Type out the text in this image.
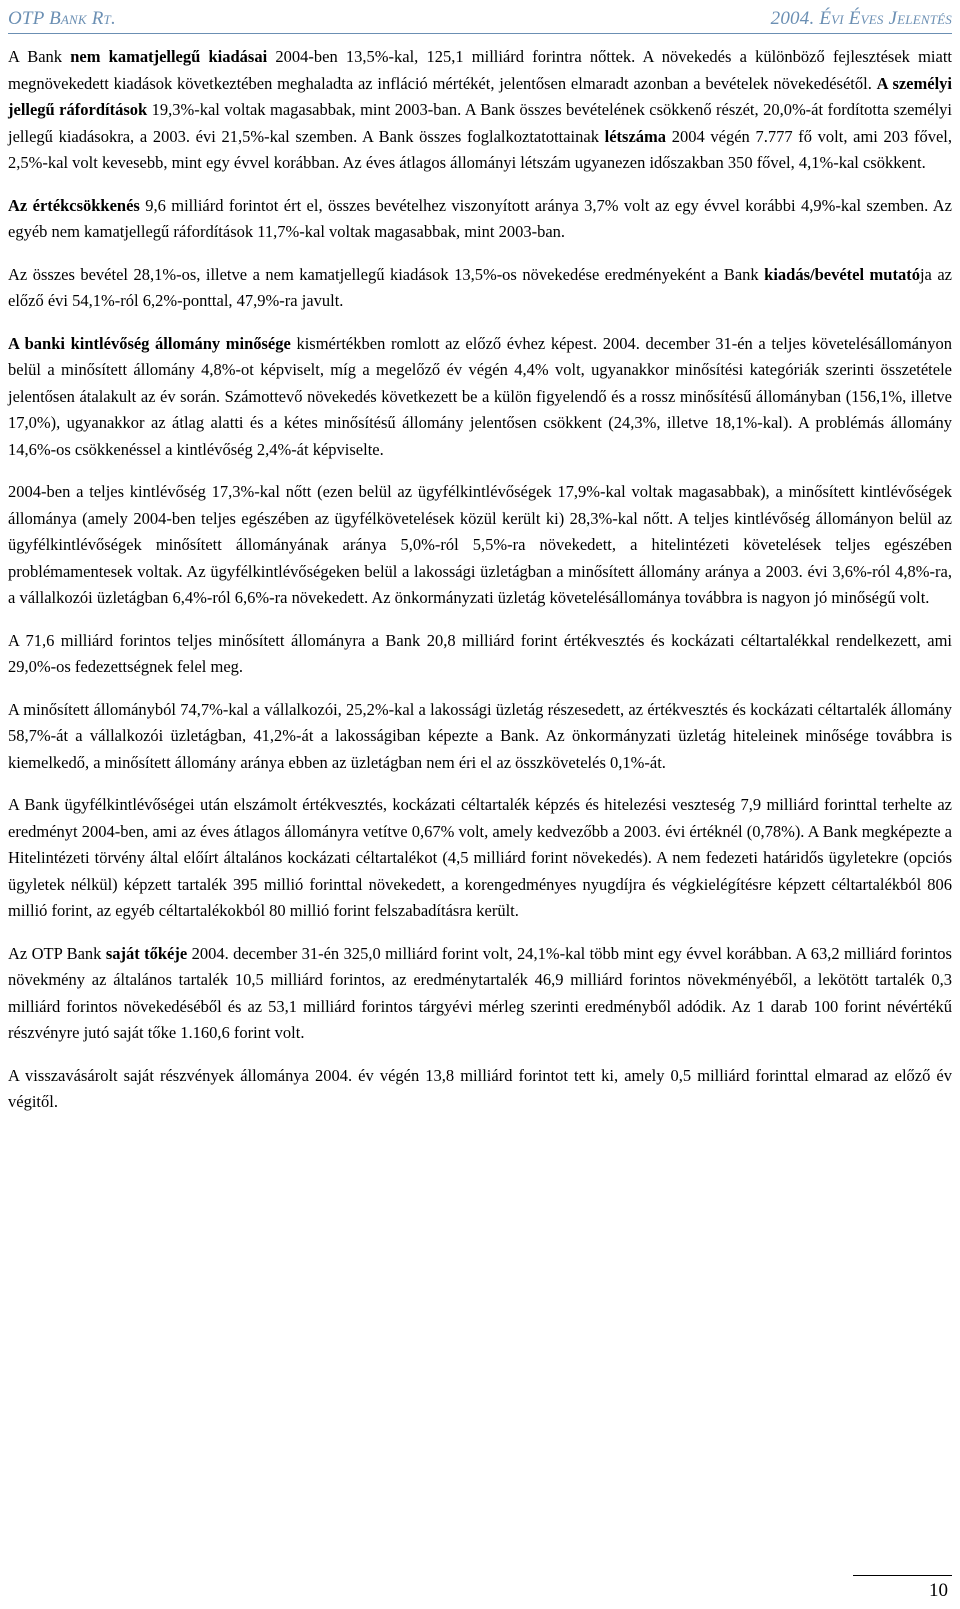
OTP Bank Rt.	2004. Évi Éves Jelentés

A Bank nem kamatjellegű kiadásai 2004-ben 13,5%-kal, 125,1 milliárd forintra nőttek. A növekedés a különböző fejlesztések miatt megnövekedett kiadások következtében meghaladta az infláció mértékét, jelentősen elmaradt azonban a bevételek növekedésétől. A személyi jellegű ráfordítások 19,3%-kal voltak magasabbak, mint 2003-ban. A Bank összes bevételének csökkenő részét, 20,0%-át fordította személyi jellegű kiadásokra, a 2003. évi 21,5%-kal szemben. A Bank összes foglalkoztatottainak létszáma 2004 végén 7.777 fő volt, ami 203 fővel, 2,5%-kal volt kevesebb, mint egy évvel korábban. Az éves átlagos állományi létszám ugyanezen időszakban 350 fővel, 4,1%-kal csökkent.

Az értékcsökkenés 9,6 milliárd forintot ért el, összes bevételhez viszonyított aránya 3,7% volt az egy évvel korábbi 4,9%-kal szemben. Az egyéb nem kamatjellegű ráfordítások 11,7%-kal voltak magasabbak, mint 2003-ban.

Az összes bevétel 28,1%-os, illetve a nem kamatjellegű kiadások 13,5%-os növekedése eredményeként a Bank kiadás/bevétel mutatója az előző évi 54,1%-ról 6,2%-ponttal, 47,9%-ra javult.

A banki kintlévőség állomány minősége kismértékben romlott az előző évhez képest. 2004. december 31-én a teljes követelésállományon belül a minősített állomány 4,8%-ot képviselt, míg a megelőző év végén 4,4% volt, ugyanakkor minősítési kategóriák szerinti összetétele jelentősen átalakult az év során. Számottevő növekedés következett be a külön figyelendő és a rossz minősítésű állományban (156,1%, illetve 17,0%), ugyanakkor az átlag alatti és a kétes minősítésű állomány jelentősen csökkent (24,3%, illetve 18,1%-kal). A problémás állomány 14,6%-os csökkenéssel a kintlévőség 2,4%-át képviselte.

2004-ben a teljes kintlévőség 17,3%-kal nőtt (ezen belül az ügyfélkintlévőségek 17,9%-kal voltak magasabbak), a minősített kintlévőségek állománya (amely 2004-ben teljes egészében az ügyfélkövetelések közül került ki) 28,3%-kal nőtt. A teljes kintlévőség állományon belül az ügyfélkintlévőségek minősített állományának aránya 5,0%-ról 5,5%-ra növekedett, a hitelintézeti követelések teljes egészében problémamentesek voltak. Az ügyfélkintlévőségeken belül a lakossági üzletágban a minősített állomány aránya a 2003. évi 3,6%-ról 4,8%-ra, a vállalkozói üzletágban 6,4%-ról 6,6%-ra növekedett. Az önkormányzati üzletág követelésállománya továbbra is nagyon jó minőségű volt.

A 71,6 milliárd forintos teljes minősített állományra a Bank 20,8 milliárd forint értékvesztés és kockázati céltartalékkal rendelkezett, ami 29,0%-os fedezettségnek felel meg.

A minősített állományból 74,7%-kal a vállalkozói, 25,2%-kal a lakossági üzletág részesedett, az értékvesztés és kockázati céltartalék állomány 58,7%-át a vállalkozói üzletágban, 41,2%-át a lakosságiban képezte a Bank. Az önkormányzati üzletág hiteleinek minősége továbbra is kiemelkedő, a minősített állomány aránya ebben az üzletágban nem éri el az összkövetelés 0,1%-át.

A Bank ügyfélkintlévőségei után elszámolt értékvesztés, kockázati céltartalék képzés és hitelezési veszteség 7,9 milliárd forinttal terhelte az eredményt 2004-ben, ami az éves átlagos állományra vetítve 0,67% volt, amely kedvezőbb a 2003. évi értéknél (0,78%). A Bank megképezte a Hitelintézeti törvény által előírt általános kockázati céltartalékot (4,5 milliárd forint növekedés). A nem fedezeti határidős ügyletekre (opciós ügyletek nélkül) képzett tartalék 395 millió forinttal növekedett, a korengedményes nyugdíjra és végkielégítésre képzett céltartalékból 806 millió forint, az egyéb céltartalékokból 80 millió forint felszabadításra került.

Az OTP Bank saját tőkéje 2004. december 31-én 325,0 milliárd forint volt, 24,1%-kal több mint egy évvel korábban. A 63,2 milliárd forintos növekmény az általános tartalék 10,5 milliárd forintos, az eredménytartalék 46,9 milliárd forintos növekményéből, a lekötött tartalék 0,3 milliárd forintos növekedéséből és az 53,1 milliárd forintos tárgyévi mérleg szerinti eredményből adódik. Az 1 darab 100 forint névértékű részvényre jutó saját tőke 1.160,6 forint volt.

A visszavásárolt saját részvények állománya 2004. év végén 13,8 milliárd forintot tett ki, amely 0,5 milliárd forinttal elmarad az előző év végitől.

10
